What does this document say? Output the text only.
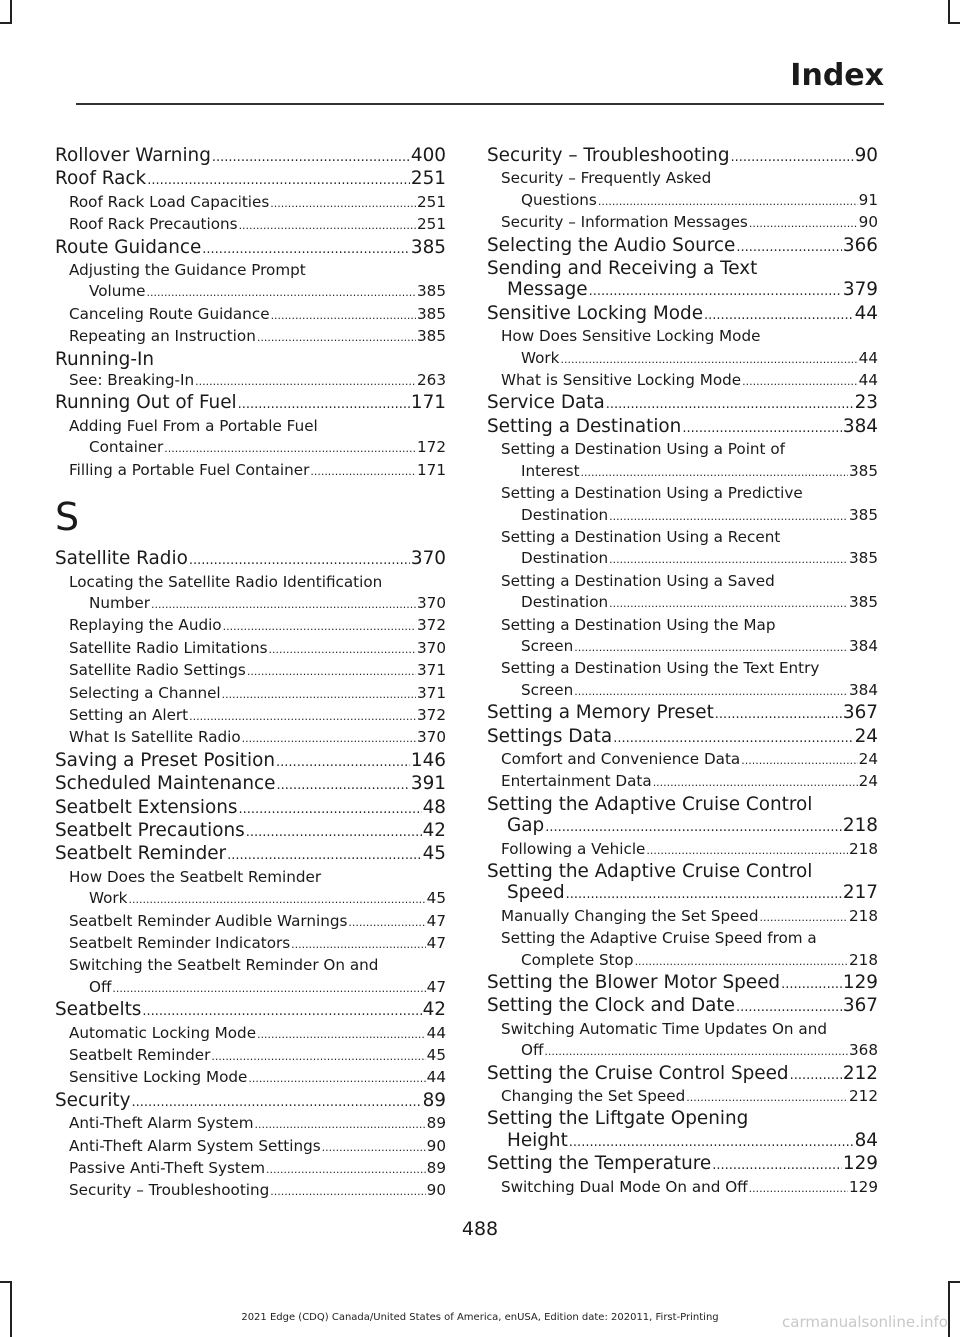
Index
Rollover Warning .....	400
Roof Rack .....	251
Roof Rack Load Capacities .....	251
Roof Rack Precautions .....	251
Route Guidance .....	385
Adjusting the Guidance Prompt
Volume .....	385
Canceling Route Guidance .....	385
Repeating an Instruction .....	385
Running-In
See: Breaking-In .....	263
Running Out of Fuel .....	171
Adding Fuel From a Portable Fuel
Container .....	172
Filling a Portable Fuel Container .....	171
S
Satellite Radio .....	370
Locating the Satellite Radio Identification
Number .....	370
Replaying the Audio .....	372
Satellite Radio Limitations .....	370
Satellite Radio Settings .....	371
Selecting a Channel .....	371
Setting an Alert .....	372
What Is Satellite Radio .....	370
Saving a Preset Position .....	146
Scheduled Maintenance .....	391
Seatbelt Extensions .....	48
Seatbelt Precautions .....	42
Seatbelt Reminder .....	45
How Does the Seatbelt Reminder
Work .....	45
Seatbelt Reminder Audible Warnings .....	47
Seatbelt Reminder Indicators .....	47
Switching the Seatbelt Reminder On and
Off .....	47
Seatbelts .....	42
Automatic Locking Mode .....	44
Seatbelt Reminder .....	45
Sensitive Locking Mode .....	44
Security .....	89
Anti-Theft Alarm System .....	89
Anti-Theft Alarm System Settings .....	90
Passive Anti-Theft System .....	89
Security – Troubleshooting .....	90
Security – Troubleshooting .....	90
Security – Frequently Asked
Questions .....	91
Security – Information Messages .....	90
Selecting the Audio Source .....	366
Sending and Receiving a Text
Message .....	379
Sensitive Locking Mode .....	44
How Does Sensitive Locking Mode
Work .....	44
What is Sensitive Locking Mode .....	44
Service Data .....	23
Setting a Destination .....	384
Setting a Destination Using a Point of
Interest .....	385
Setting a Destination Using a Predictive
Destination .....	385
Setting a Destination Using a Recent
Destination .....	385
Setting a Destination Using a Saved
Destination .....	385
Setting a Destination Using the Map
Screen .....	384
Setting a Destination Using the Text Entry
Screen .....	384
Setting a Memory Preset .....	367
Settings Data .....	24
Comfort and Convenience Data .....	24
Entertainment Data .....	24
Setting the Adaptive Cruise Control
Gap .....	218
Following a Vehicle .....	218
Setting the Adaptive Cruise Control
Speed .....	217
Manually Changing the Set Speed .....	218
Setting the Adaptive Cruise Speed from a
Complete Stop .....	218
Setting the Blower Motor Speed .....	129
Setting the Clock and Date .....	367
Switching Automatic Time Updates On and
Off .....	368
Setting the Cruise Control Speed .....	212
Changing the Set Speed .....	212
Setting the Liftgate Opening
Height .....	84
Setting the Temperature .....	129
Switching Dual Mode On and Off .....	129
488
2021 Edge (CDQ) Canada/United States of America, enUSA, Edition date: 202011, First-Printing	carmanualsonline.info
